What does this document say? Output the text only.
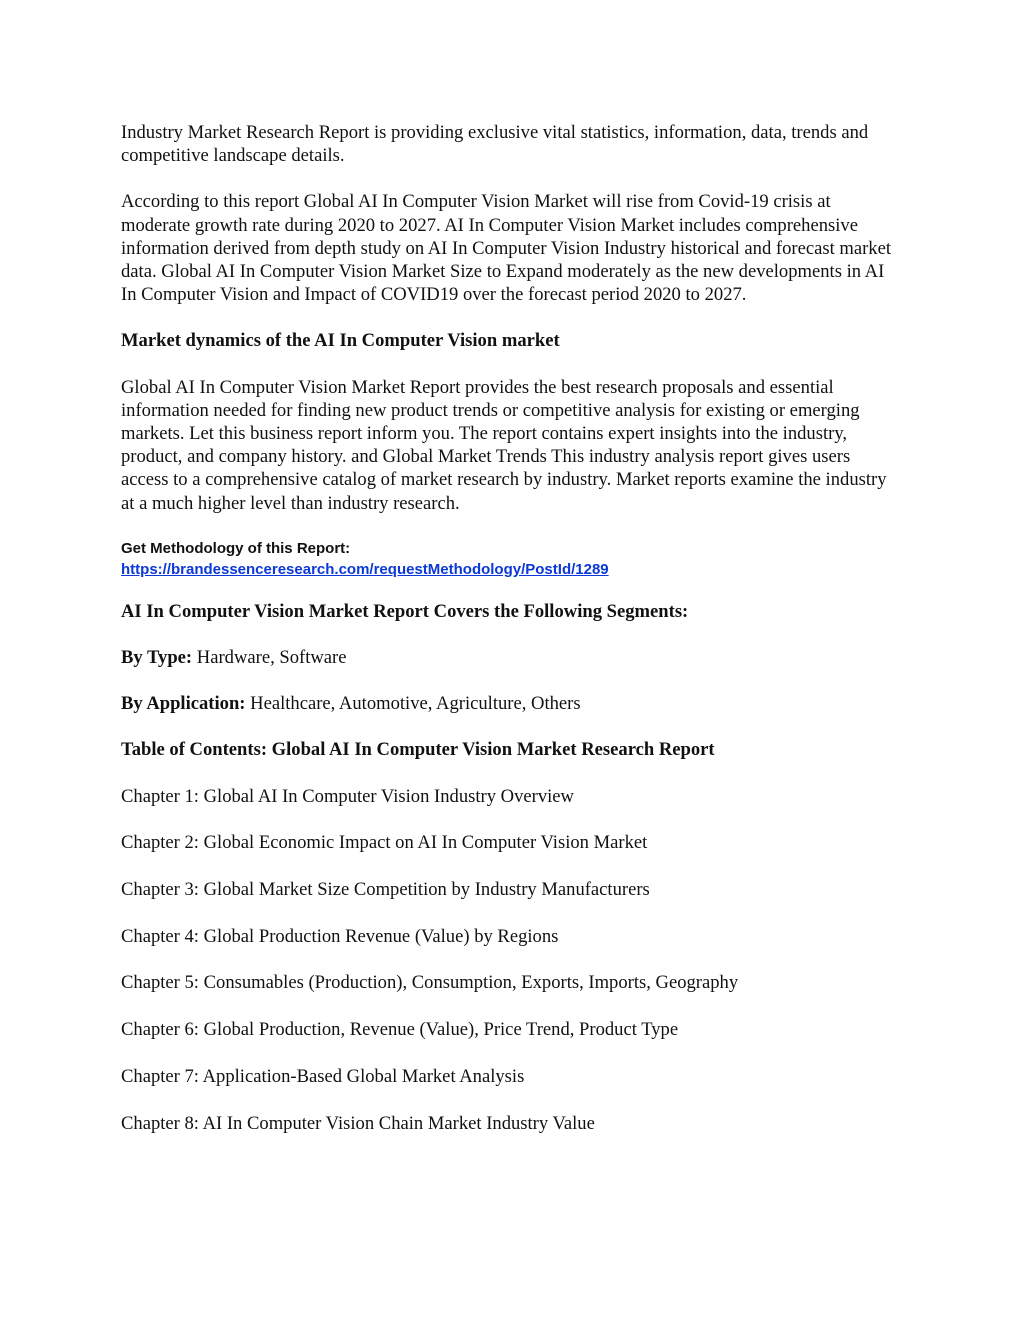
Industry Market Research Report is providing exclusive vital statistics, information, data, trends and competitive landscape details.

According to this report Global AI In Computer Vision Market will rise from Covid-19 crisis at moderate growth rate during 2020 to 2027. AI In Computer Vision Market includes comprehensive information derived from depth study on AI In Computer Vision Industry historical and forecast market data. Global AI In Computer Vision Market Size to Expand moderately as the new developments in AI In Computer Vision and Impact of COVID19 over the forecast period 2020 to 2027.

Market dynamics of the AI In Computer Vision market

Global AI In Computer Vision Market Report provides the best research proposals and essential information needed for finding new product trends or competitive analysis for existing or emerging markets. Let this business report inform you. The report contains expert insights into the industry, product, and company history. and Global Market Trends This industry analysis report gives users access to a comprehensive catalog of market research by industry. Market reports examine the industry at a much higher level than industry research.

Get Methodology of this Report:
https://brandessenceresearch.com/requestMethodology/PostId/1289

AI In Computer Vision Market Report Covers the Following Segments:

By Type: Hardware, Software

By Application: Healthcare, Automotive, Agriculture, Others

Table of Contents: Global AI In Computer Vision Market Research Report

Chapter 1: Global AI In Computer Vision Industry Overview

Chapter 2: Global Economic Impact on AI In Computer Vision Market

Chapter 3: Global Market Size Competition by Industry Manufacturers

Chapter 4: Global Production Revenue (Value) by Regions

Chapter 5: Consumables (Production), Consumption, Exports, Imports, Geography

Chapter 6: Global Production, Revenue (Value), Price Trend, Product Type

Chapter 7: Application-Based Global Market Analysis

Chapter 8: AI In Computer Vision Chain Market Industry Value
